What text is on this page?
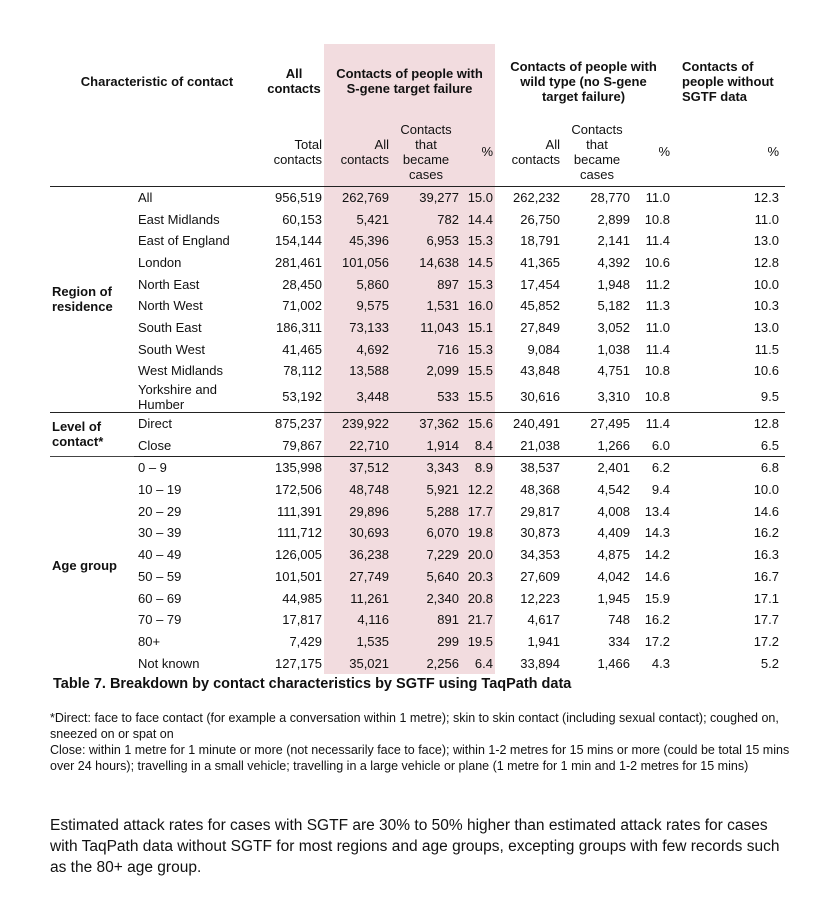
Characteristic of contact		All contacts	Contacts of people with S-gene target failure			Contacts of people with wild type (no S-gene target failure)			Contacts of people without SGTF data
		Total contacts	All contacts	Contacts that became cases	%	All contacts	Contacts that became cases	%	%
Region of residence	All	956,519	262,769	39,277	15.0	262,232	28,770	11.0	12.3
	East Midlands	60,153	5,421	782	14.4	26,750	2,899	10.8	11.0
	East of England	154,144	45,396	6,953	15.3	18,791	2,141	11.4	13.0
	London	281,461	101,056	14,638	14.5	41,365	4,392	10.6	12.8
	North East	28,450	5,860	897	15.3	17,454	1,948	11.2	10.0
	North West	71,002	9,575	1,531	16.0	45,852	5,182	11.3	10.3
	South East	186,311	73,133	11,043	15.1	27,849	3,052	11.0	13.0
	South West	41,465	4,692	716	15.3	9,084	1,038	11.4	11.5
	West Midlands	78,112	13,588	2,099	15.5	43,848	4,751	10.8	10.6
	Yorkshire and Humber	53,192	3,448	533	15.5	30,616	3,310	10.8	9.5
Level of contact*	Direct	875,237	239,922	37,362	15.6	240,491	27,495	11.4	12.8
	Close	79,867	22,710	1,914	8.4	21,038	1,266	6.0	6.5
Age group	0 – 9	135,998	37,512	3,343	8.9	38,537	2,401	6.2	6.8
	10 – 19	172,506	48,748	5,921	12.2	48,368	4,542	9.4	10.0
	20 – 29	111,391	29,896	5,288	17.7	29,817	4,008	13.4	14.6
	30 – 39	111,712	30,693	6,070	19.8	30,873	4,409	14.3	16.2
	40 – 49	126,005	36,238	7,229	20.0	34,353	4,875	14.2	16.3
	50 – 59	101,501	27,749	5,640	20.3	27,609	4,042	14.6	16.7
	60 – 69	44,985	11,261	2,340	20.8	12,223	1,945	15.9	17.1
	70 – 79	17,817	4,116	891	21.7	4,617	748	16.2	17.7
	80+	7,429	1,535	299	19.5	1,941	334	17.2	17.2
	Not known	127,175	35,021	2,256	6.4	33,894	1,466	4.3	5.2
Table 7. Breakdown by contact characteristics by SGTF using TaqPath data

*Direct: face to face contact (for example a conversation within 1 metre); skin to skin contact (including sexual contact); coughed on, sneezed on or spat on

Close: within 1 metre for 1 minute or more (not necessarily face to face); within 1-2 metres for 15 mins or more (could be total 15 mins over 24 hours); travelling in a small vehicle; travelling in a large vehicle or plane (1 metre for 1 min and 1-2 metres for 15 mins)

Estimated attack rates for cases with SGTF are 30% to 50% higher than estimated attack rates for cases with TaqPath data without SGTF for most regions and age groups, excepting groups with few records such as the 80+ age group.
